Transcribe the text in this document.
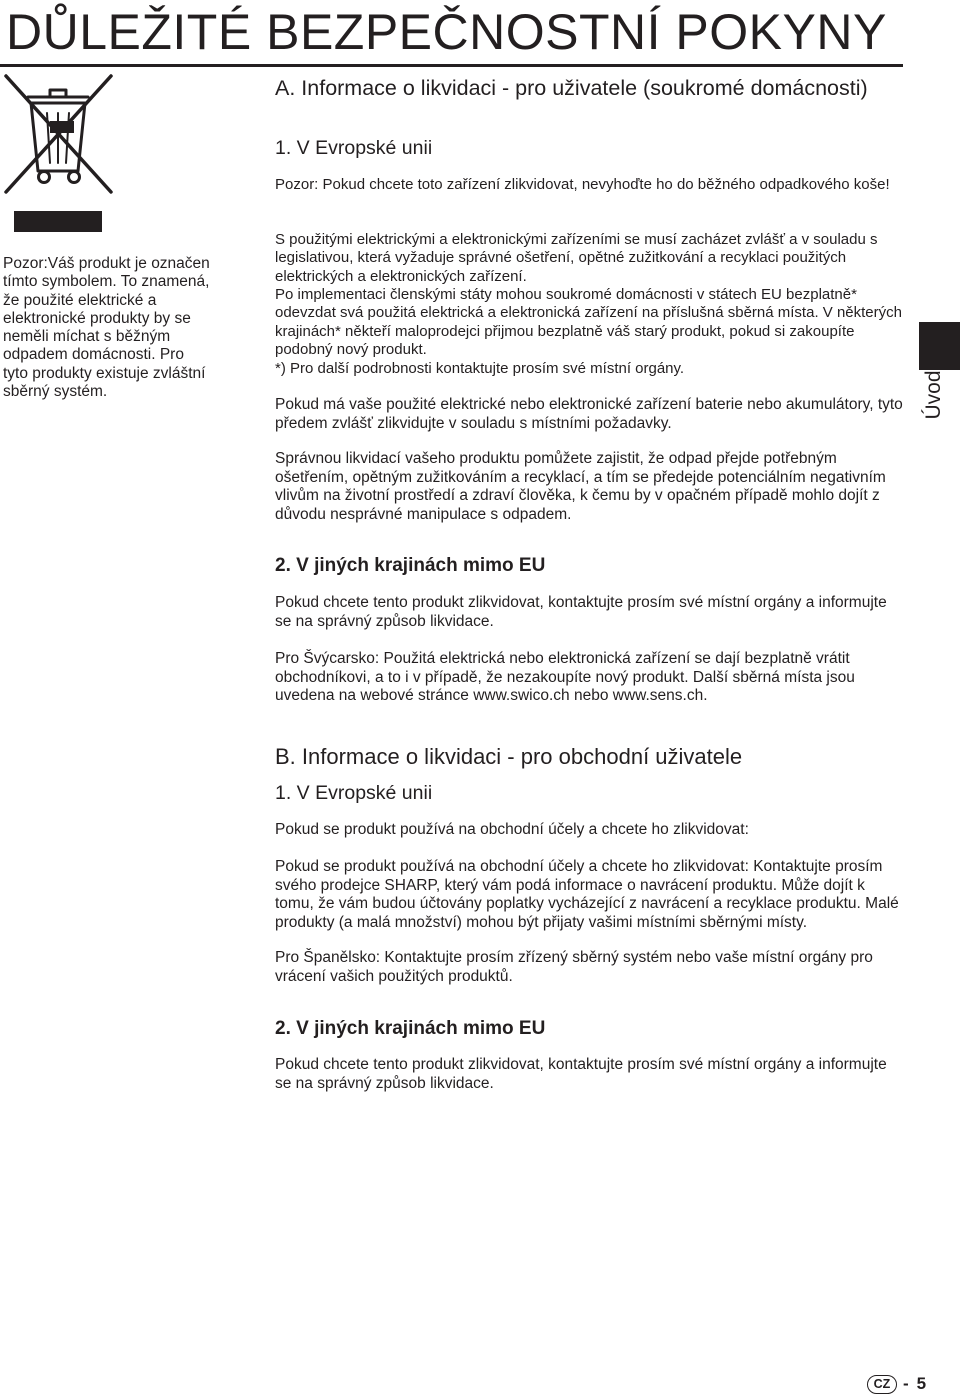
DŮLEŽITÉ BEZPEČNOSTNÍ POKYNY

Pozor:Váš produkt je označen tímto symbolem. To znamená, že použité elektrické a elektronické produkty by se neměli míchat s běžným odpadem domácnosti. Pro tyto produkty existuje zvláštní sběrný systém.	Úvod
A. Informace o likvidaci - pro uživatele (soukromé domácnosti)
1. V Evropské unii

Pozor: Pokud chcete toto zařízení zlikvidovat, nevyhoďte ho do běžného odpadkového koše!

S použitými elektrickými a elektronickými zařízeními se musí zacházet zvlášť a v souladu s legislativou, která vyžaduje správné ošetření, opětné zužitkování a recyklaci použitých elektrických a elektronických zařízení.

Po implementaci členskými státy mohou soukromé domácnosti v státech EU bezplatně* odevzdat svá použitá elektrická a elektronická zařízení na příslušná sběrná místa. V některých krajinách* někteří maloprodejci přijmou bezplatně váš starý produkt, pokud si zakoupíte podobný nový produkt.

*) Pro další podrobnosti kontaktujte prosím své místní orgány.

Pokud má vaše použité elektrické nebo elektronické zařízení baterie nebo akumulátory, tyto předem zvlášť zlikvidujte v souladu s místními požadavky.

Správnou likvidací vašeho produktu pomůžete zajistit, že odpad přejde potřebným ošetřením, opětným zužitkováním a recyklací, a tím se předejde potenciálním negativním vlivům na životní prostředí a zdraví člověka, k čemu by v opačném případě mohlo dojít z důvodu nesprávné manipulace s odpadem.

2. V jiných krajinách mimo EU

Pokud chcete tento produkt zlikvidovat, kontaktujte prosím své místní orgány a informujte se na správný způsob likvidace.

Pro Švýcarsko: Použitá elektrická nebo elektronická zařízení se dají bezplatně vrátit obchodníkovi, a to i v případě, že nezakoupíte nový produkt. Další sběrná místa jsou uvedena na webové stránce www.swico.ch nebo www.sens.ch.

B. Informace o likvidaci - pro obchodní uživatele
1. V Evropské unii

Pokud se produkt používá na obchodní účely a chcete ho zlikvidovat:

Pokud se produkt používá na obchodní účely a chcete ho zlikvidovat: Kontaktujte prosím svého prodejce SHARP, který vám podá informace o navrácení produktu. Může dojít k tomu, že vám budou účtovány poplatky vycházející z navrácení a recyklace produktu. Malé produkty (a malá množství) mohou být přijaty vašimi místními sběrnými místy.

Pro Španělsko: Kontaktujte prosím zřízený sběrný systém nebo vaše místní orgány pro vrácení vašich použitých produktů.

2. V jiných krajinách mimo EU

Pokud chcete tento produkt zlikvidovat, kontaktujte prosím své místní orgány a informujte se na správný způsob likvidace.

CZ - 5
